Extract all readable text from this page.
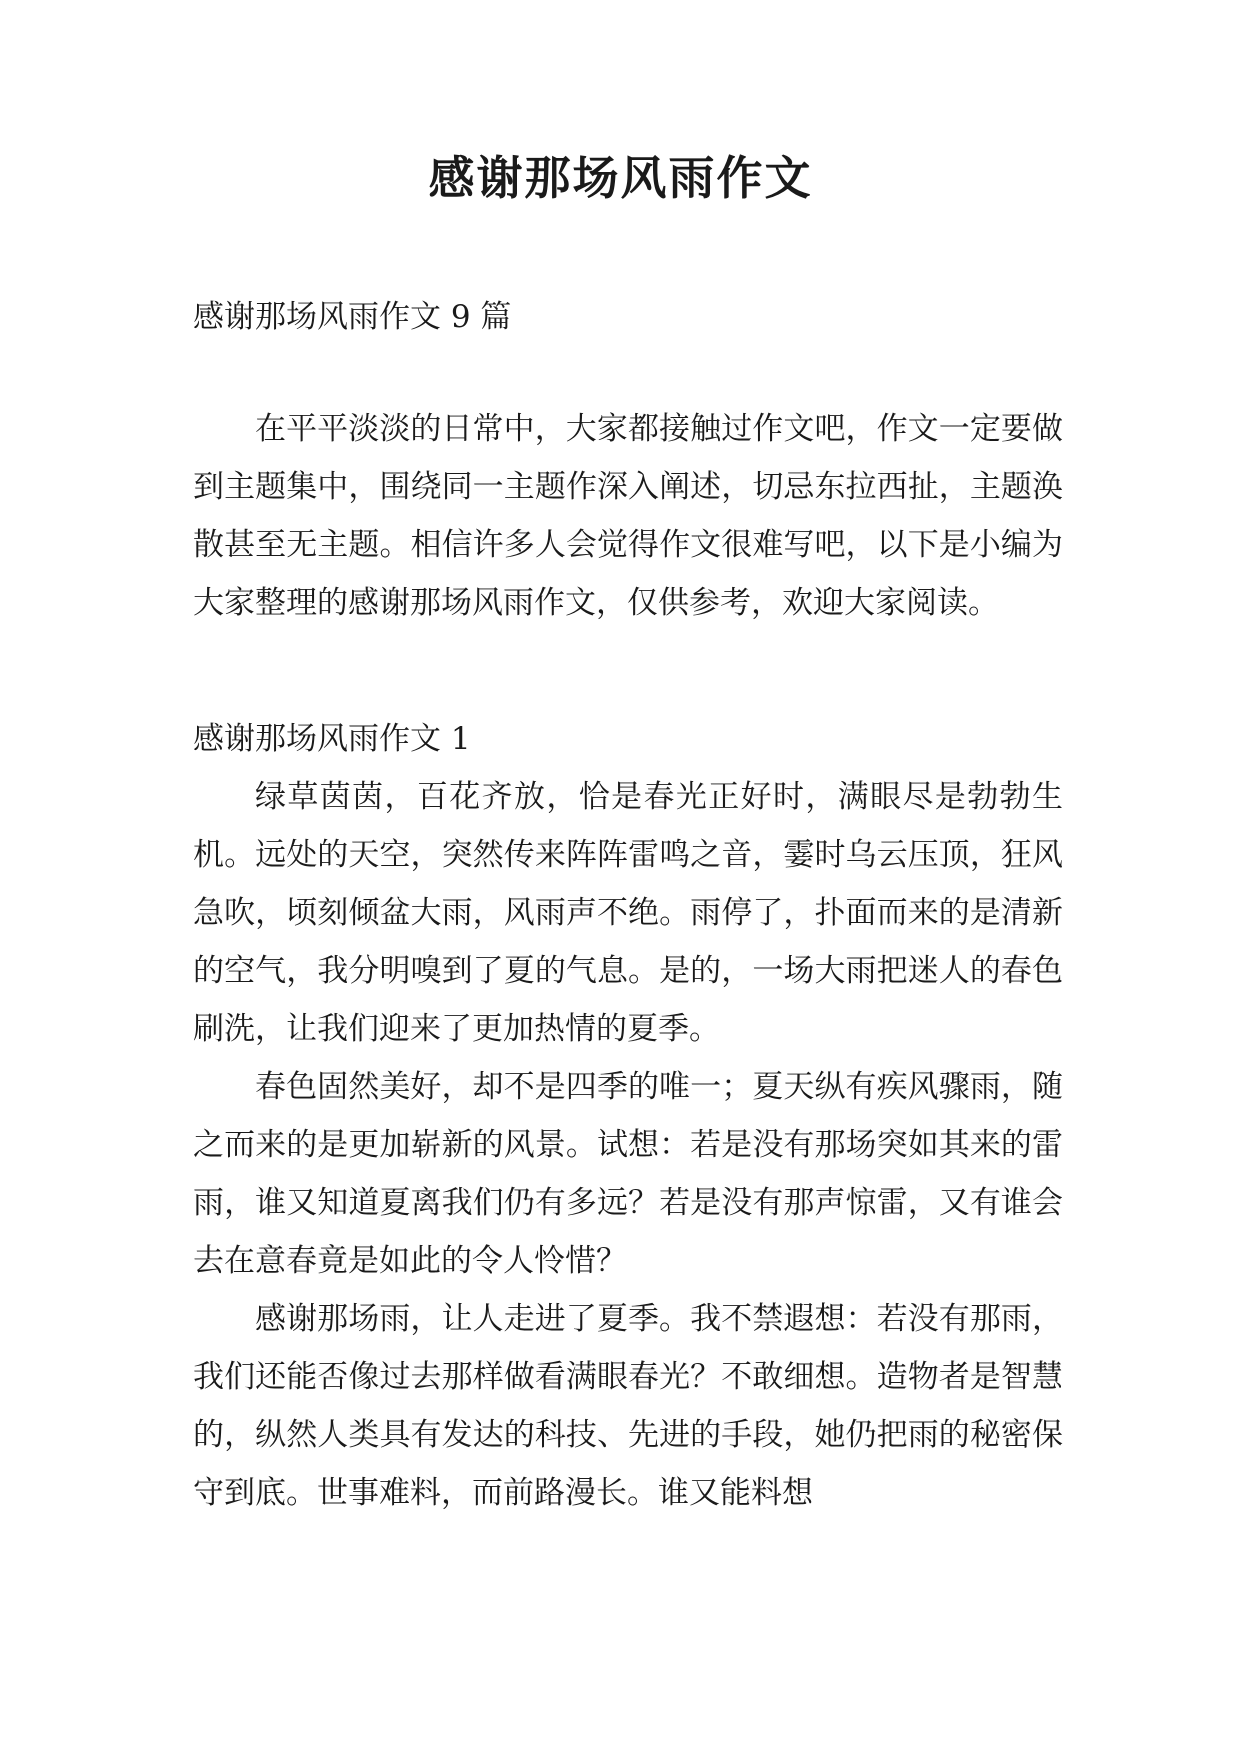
感谢那场风雨作文

感谢那场风雨作文 9 篇

在平平淡淡的日常中，大家都接触过作文吧，作文一定要做到主题集中，围绕同一主题作深入阐述，切忌东拉西扯，主题涣散甚至无主题。相信许多人会觉得作文很难写吧，以下是小编为大家整理的感谢那场风雨作文，仅供参考，欢迎大家阅读。

感谢那场风雨作文 1

绿草茵茵，百花齐放，恰是春光正好时，满眼尽是勃勃生机。远处的天空，突然传来阵阵雷鸣之音，霎时乌云压顶，狂风急吹，顷刻倾盆大雨，风雨声不绝。雨停了，扑面而来的是清新的空气，我分明嗅到了夏的气息。是的，一场大雨把迷人的春色刷洗，让我们迎来了更加热情的夏季。

春色固然美好，却不是四季的唯一；夏天纵有疾风骤雨，随之而来的是更加崭新的风景。试想：若是没有那场突如其来的雷雨，谁又知道夏离我们仍有多远？若是没有那声惊雷，又有谁会去在意春竟是如此的令人怜惜？

感谢那场雨，让人走进了夏季。我不禁遐想：若没有那雨，我们还能否像过去那样做看满眼春光？不敢细想。造物者是智慧的，纵然人类具有发达的科技、先进的手段，她仍把雨的秘密保守到底。世事难料，而前路漫长。谁又能料想
